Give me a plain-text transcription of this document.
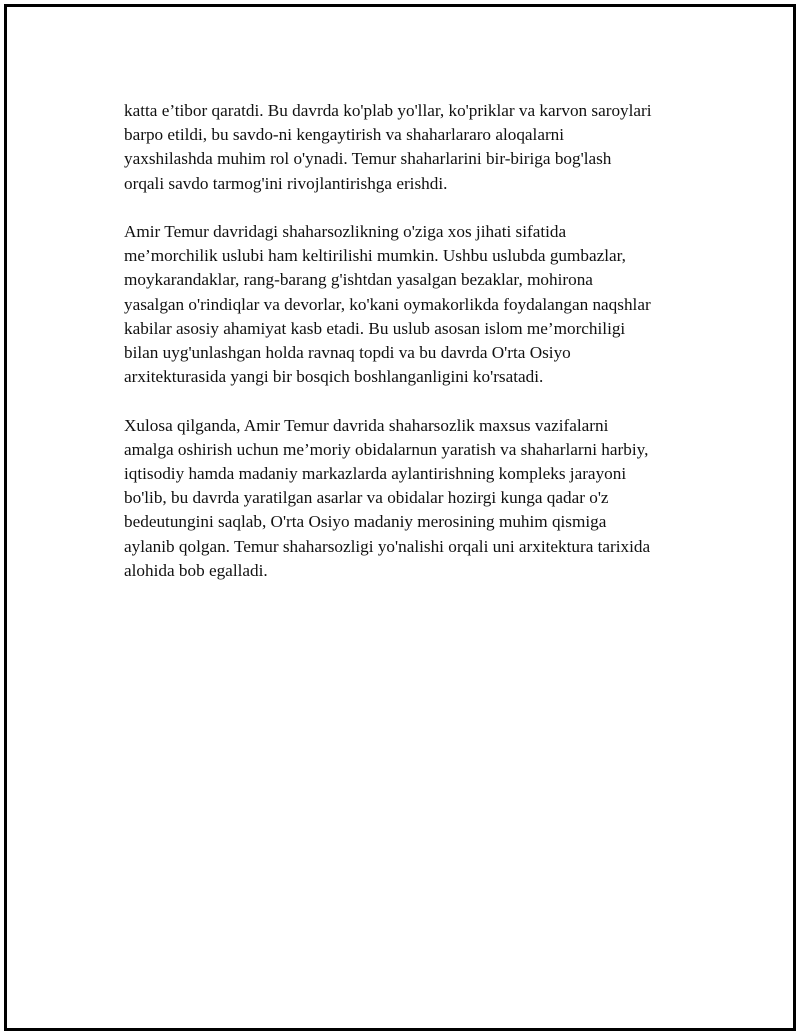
katta e’tibor qaratdi. Bu davrda ko'plab yo'llar, ko'priklar va karvon saroylari
barpo etildi, bu savdo-ni kengaytirish va shaharlararo aloqalarni
yaxshilashda muhim rol o'ynadi. Temur shaharlarini bir-biriga bog'lash
orqali savdo tarmog'ini rivojlantirishga erishdi.

Amir Temur davridagi shaharsozlikning o'ziga xos jihati sifatida
me’morchilik uslubi ham keltirilishi mumkin. Ushbu uslubda gumbazlar,
moykarandaklar, rang-barang g'ishtdan yasalgan bezaklar, mohirona
yasalgan o'rindiqlar va devorlar, ko'kani oymakorlikda foydalangan naqshlar
kabilar asosiy ahamiyat kasb etadi. Bu uslub asosan islom me’morchiligi
bilan uyg'unlashgan holda ravnaq topdi va bu davrda O'rta Osiyo
arxitekturasida yangi bir bosqich boshlanganligini ko'rsatadi.

Xulosa qilganda, Amir Temur davrida shaharsozlik maxsus vazifalarni
amalga oshirish uchun me’moriy obidalarnun yaratish va shaharlarni harbiy,
iqtisodiy hamda madaniy markazlarda aylantirishning kompleks jarayoni
bo'lib, bu davrda yaratilgan asarlar va obidalar hozirgi kunga qadar o'z
bedeutungini saqlab, O'rta Osiyo madaniy merosining muhim qismiga
aylanib qolgan. Temur shaharsozligi yo'nalishi orqali uni arxitektura tarixida
alohida bob egalladi.
